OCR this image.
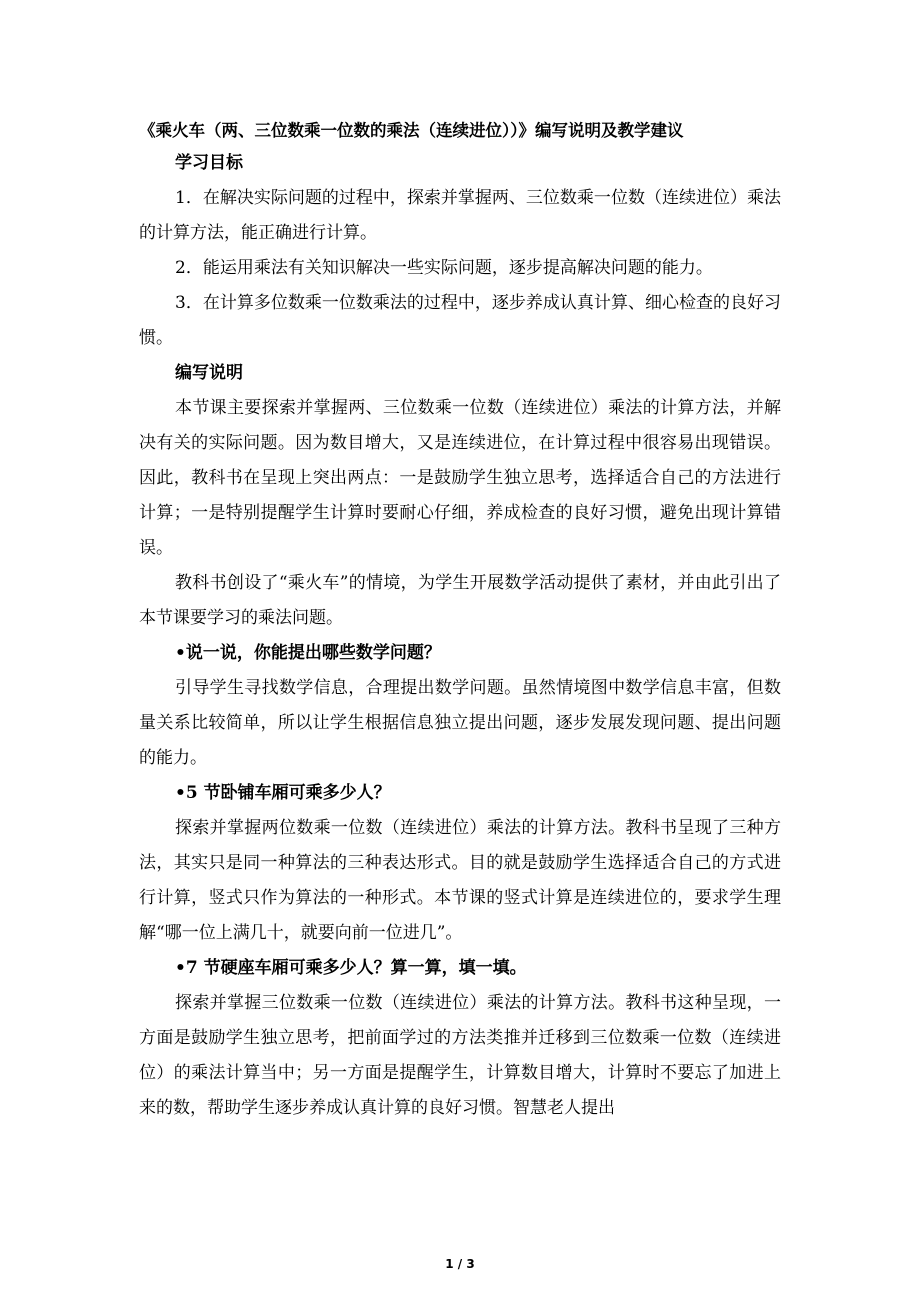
《乘火车（两、三位数乘一位数的乘法（连续进位））》编写说明及教学建议
学习目标

1．在解决实际问题的过程中，探索并掌握两、三位数乘一位数（连续进位）乘法的计算方法，能正确进行计算。

2．能运用乘法有关知识解决一些实际问题，逐步提高解决问题的能力。

3．在计算多位数乘一位数乘法的过程中，逐步养成认真计算、细心检查的良好习惯。

编写说明

本节课主要探索并掌握两、三位数乘一位数（连续进位）乘法的计算方法，并解决有关的实际问题。因为数目增大，又是连续进位，在计算过程中很容易出现错误。因此，教科书在呈现上突出两点：一是鼓励学生独立思考，选择适合自己的方法进行计算；一是特别提醒学生计算时要耐心仔细，养成检查的良好习惯，避免出现计算错误。

教科书创设了“乘火车”的情境，为学生开展数学活动提供了素材，并由此引出了本节课要学习的乘法问题。

•说一说，你能提出哪些数学问题？

引导学生寻找数学信息，合理提出数学问题。虽然情境图中数学信息丰富，但数量关系比较简单，所以让学生根据信息独立提出问题，逐步发展发现问题、提出问题的能力。

•5 节卧铺车厢可乘多少人？

探索并掌握两位数乘一位数（连续进位）乘法的计算方法。教科书呈现了三种方法，其实只是同一种算法的三种表达形式。目的就是鼓励学生选择适合自己的方式进行计算，竖式只作为算法的一种形式。本节课的竖式计算是连续进位的，要求学生理解“哪一位上满几十，就要向前一位进几”。

•7 节硬座车厢可乘多少人？算一算，填一填。

探索并掌握三位数乘一位数（连续进位）乘法的计算方法。教科书这种呈现，一方面是鼓励学生独立思考，把前面学过的方法类推并迁移到三位数乘一位数（连续进位）的乘法计算当中；另一方面是提醒学生，计算数目增大，计算时不要忘了加进上来的数，帮助学生逐步养成认真计算的良好习惯。智慧老人提出

1 / 3
